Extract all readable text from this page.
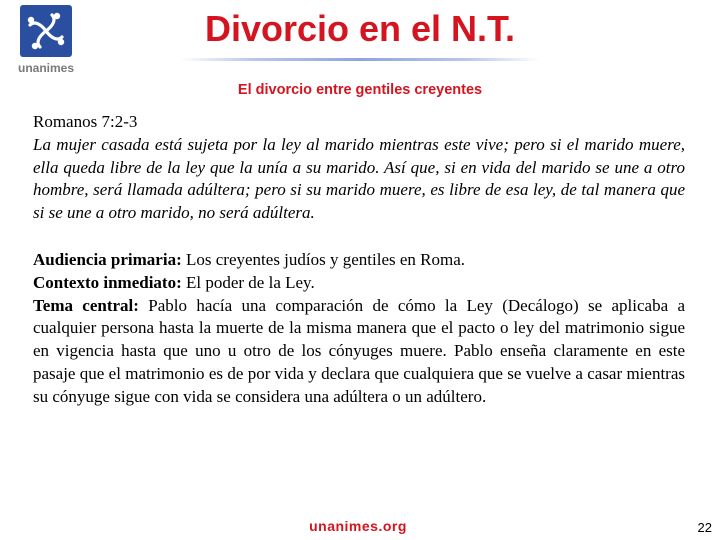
unanimes
Divorcio en el N.T.
El divorcio entre gentiles creyentes

Romanos 7:2-3

La mujer casada está sujeta por la ley al marido mientras este vive; pero si el marido muere, ella queda libre de la ley que la unía a su marido. Así que, si en vida del marido se une a otro hombre, será llamada adúltera; pero si su marido muere, es libre de esa ley, de tal manera que si se une a otro marido, no será adúltera.

Audiencia primaria: Los creyentes judíos y gentiles en Roma.

Contexto inmediato: El poder de la Ley.

Tema central: Pablo hacía una comparación de cómo la Ley (Decálogo) se aplicaba a cualquier persona hasta la muerte de la misma manera que el pacto o ley del matrimonio sigue en vigencia hasta que uno u otro de los cónyuges muere. Pablo enseña claramente en este pasaje que el matrimonio es de por vida y declara que cualquiera que se vuelve a casar mientras su cónyuge sigue con vida se considera una adúltera o un adúltero.

unanimes.org	22
